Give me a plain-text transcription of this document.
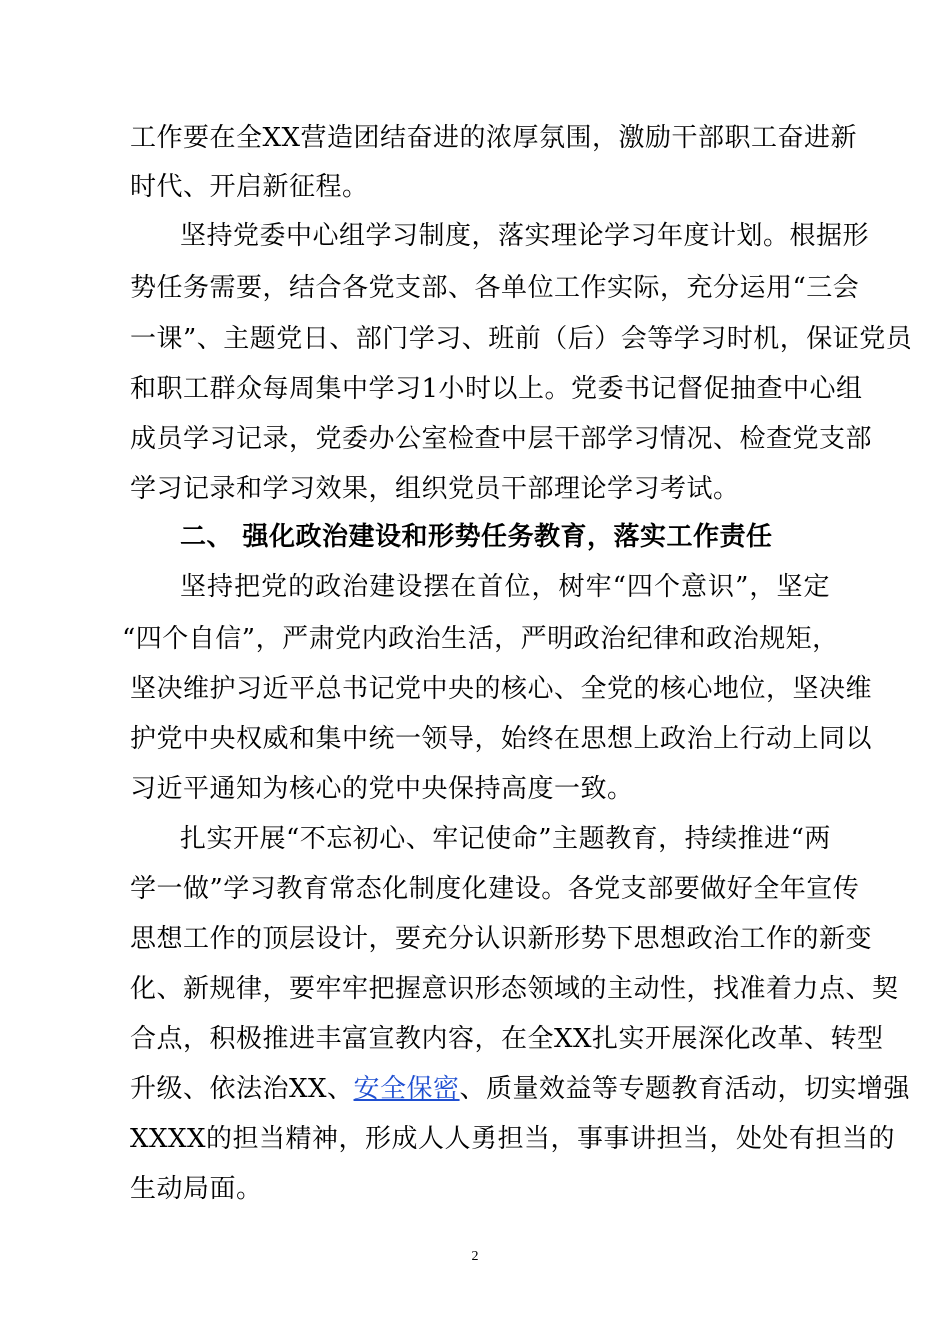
工作要在全XX营造团结奋进的浓厚氛围，激励干部职工奋进新
时代、开启新征程。
坚持党委中心组学习制度，落实理论学习年度计划。根据形
势任务需要，结合各党支部、各单位工作实际，充分运用“三会
一课”、主题党日、部门学习、班前（后）会等学习时机，保证党员
和职工群众每周集中学习1小时以上。党委书记督促抽查中心组
成员学习记录，党委办公室检查中层干部学习情况、检查党支部
学习记录和学习效果，组织党员干部理论学习考试。
二、 强化政治建设和形势任务教育，落实工作责任
坚持把党的政治建设摆在首位，树牢“四个意识”，坚定
“四个自信”，严肃党内政治生活，严明政治纪律和政治规矩，
坚决维护习近平总书记党中央的核心、全党的核心地位，坚决维
护党中央权威和集中统一领导，始终在思想上政治上行动上同以
习近平通知为核心的党中央保持高度一致。
扎实开展“不忘初心、牢记使命”主题教育，持续推进“两
学一做”学习教育常态化制度化建设。各党支部要做好全年宣传
思想工作的顶层设计，要充分认识新形势下思想政治工作的新变
化、新规律，要牢牢把握意识形态领域的主动性，找准着力点、契
合点，积极推进丰富宣教内容，在全XX扎实开展深化改革、转型
升级、依法治XX、安全保密、质量效益等专题教育活动，切实增强
XXXX的担当精神，形成人人勇担当，事事讲担当，处处有担当的
生动局面。
2
